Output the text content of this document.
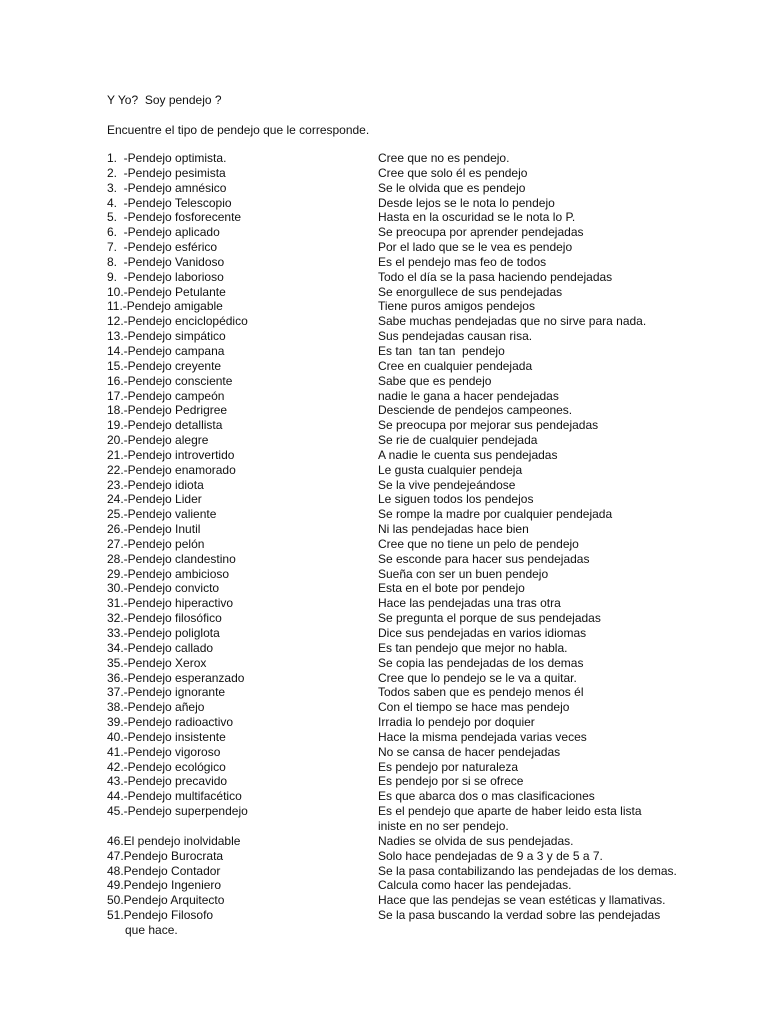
Y Yo?  Soy pendejo ?
Encuentre el tipo de pendejo que le corresponde.
1.  -Pendejo optimista.	Cree que no es pendejo.
2.  -Pendejo pesimista	Cree que solo él es pendejo
3.  -Pendejo amnésico	Se le olvida que es pendejo
4.  -Pendejo Telescopio	Desde lejos se le nota lo pendejo
5.  -Pendejo fosforecente	Hasta en la oscuridad se le nota lo P.
6.  -Pendejo aplicado	Se preocupa por aprender pendejadas
7.  -Pendejo esférico	Por el lado que se le vea es pendejo
8.  -Pendejo Vanidoso	Es el pendejo mas feo de todos
9.  -Pendejo laborioso	Todo el día se la pasa haciendo pendejadas
10.-Pendejo Petulante	Se enorgullece de sus pendejadas
11.-Pendejo amigable	Tiene puros amigos pendejos
12.-Pendejo enciclopédico	Sabe muchas pendejadas que no sirve para nada.
13.-Pendejo simpático	Sus pendejadas causan risa.
14.-Pendejo campana	Es tan  tan tan  pendejo
15.-Pendejo creyente	Cree en cualquier pendejada
16.-Pendejo consciente	Sabe que es pendejo
17.-Pendejo campeón	nadie le gana a hacer pendejadas
18.-Pendejo Pedrigree	Desciende de pendejos campeones.
19.-Pendejo detallista	Se preocupa por mejorar sus pendejadas
20.-Pendejo alegre	Se rie de cualquier pendejada
21.-Pendejo introvertido	A nadie le cuenta sus pendejadas
22.-Pendejo enamorado	Le gusta cualquier pendeja
23.-Pendejo idiota	Se la vive pendejeándose
24.-Pendejo Lider	Le siguen todos los pendejos
25.-Pendejo valiente	Se rompe la madre por cualquier pendejada
26.-Pendejo Inutil	Ni las pendejadas hace bien
27.-Pendejo pelón	Cree que no tiene un pelo de pendejo
28.-Pendejo clandestino	Se esconde para hacer sus pendejadas
29.-Pendejo ambicioso	Sueña con ser un buen pendejo
30.-Pendejo convicto	Esta en el bote por pendejo
31.-Pendejo hiperactivo	Hace las pendejadas una tras otra
32.-Pendejo filosófico	Se pregunta el porque de sus pendejadas
33.-Pendejo poliglota	Dice sus pendejadas en varios idiomas
34.-Pendejo callado	Es tan pendejo que mejor no habla.
35.-Pendejo Xerox	Se copia las pendejadas de los demas
36.-Pendejo esperanzado	Cree que lo pendejo se le va a quitar.
37.-Pendejo ignorante	Todos saben que es pendejo menos él
38.-Pendejo añejo	Con el tiempo se hace mas pendejo
39.-Pendejo radioactivo	Irradia lo pendejo por doquier
40.-Pendejo insistente	Hace la misma pendejada varias veces
41.-Pendejo vigoroso	No se cansa de hacer pendejadas
42.-Pendejo ecológico	Es pendejo por naturaleza
43.-Pendejo precavido	Es pendejo por si se ofrece
44.-Pendejo multifacético	Es que abarca dos o mas clasificaciones
45.-Pendejo superpendejo	Es el pendejo que aparte de haber leido esta lista
iniste en no ser pendejo.
46.El pendejo inolvidable	Nadies se olvida de sus pendejadas.
47.Pendejo Burocrata	Solo hace pendejadas de 9 a 3 y de 5 a 7.
48.Pendejo Contador	Se la pasa contabilizando las pendejadas de los demas.
49.Pendejo Ingeniero	Calcula como hacer las pendejadas.
50.Pendejo Arquitecto	Hace que las pendejas se vean estéticas y llamativas.
51.Pendejo Filosofo	Se la pasa buscando la verdad sobre las pendejadas
que hace.
